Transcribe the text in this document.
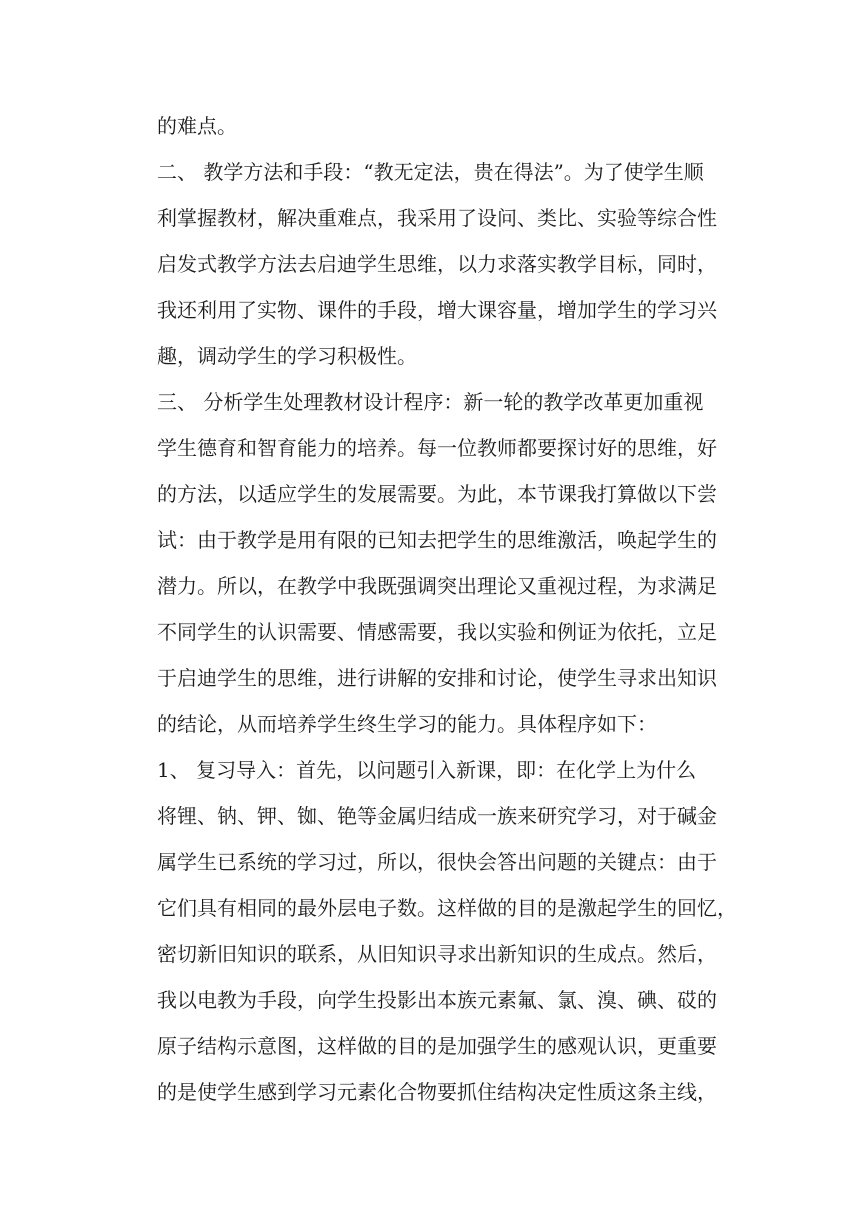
的难点。
二、 教学方法和手段：“教无定法，贵在得法”。为了使学生顺
利掌握教材，解决重难点，我采用了设问、类比、实验等综合性
启发式教学方法去启迪学生思维，以力求落实教学目标，同时，
我还利用了实物、课件的手段，增大课容量，增加学生的学习兴
趣，调动学生的学习积极性。
三、 分析学生处理教材设计程序：新一轮的教学改革更加重视
学生德育和智育能力的培养。每一位教师都要探讨好的思维，好
的方法，以适应学生的发展需要。为此，本节课我打算做以下尝
试：由于教学是用有限的已知去把学生的思维激活，唤起学生的
潜力。所以，在教学中我既强调突出理论又重视过程，为求满足
不同学生的认识需要、情感需要，我以实验和例证为依托，立足
于启迪学生的思维，进行讲解的安排和讨论，使学生寻求出知识
的结论，从而培养学生终生学习的能力。具体程序如下：
1、 复习导入：首先，以问题引入新课，即：在化学上为什么
将锂、钠、钾、铷、铯等金属归结成一族来研究学习，对于碱金
属学生已系统的学习过，所以，很快会答出问题的关键点：由于
它们具有相同的最外层电子数。这样做的目的是激起学生的回忆，
密切新旧知识的联系，从旧知识寻求出新知识的生成点。然后，
我以电教为手段，向学生投影出本族元素氟、氯、溴、碘、砹的
原子结构示意图，这样做的目的是加强学生的感观认识，更重要
的是使学生感到学习元素化合物要抓住结构决定性质这条主线，
